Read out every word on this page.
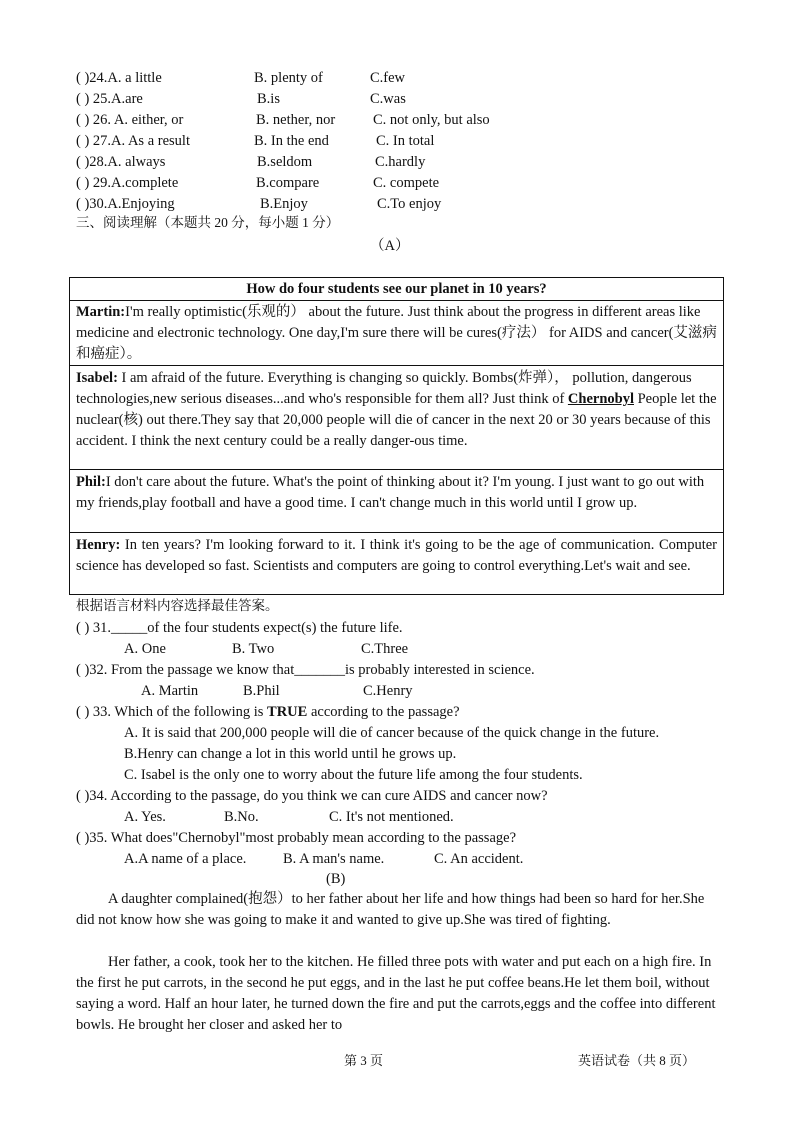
( )24.A. a little	B. plenty of	C.few
( ) 25.A.are	B.is	C.was
( ) 26. A. either, or	B. nether, nor	C. not only, but also
( ) 27.A. As a result	B. In the end	C. In total
( )28.A. always	B.seldom	C.hardly
( ) 29.A.complete	B.compare	C. compete
( )30.A.Enjoying	B.Enjoy	C.To enjoy
三、阅读理解（本题共 20 分，每小题 1 分）
（A）
How do four students see our planet in 10 years?
Martin:I'm really optimistic(乐观的） about the future. Just think about the progress in different areas like medicine and electronic technology. One day,I'm sure there will be cures(疗法） for AIDS and cancer(艾滋病和癌症）。
Isabel: I am afraid of the future. Everything is changing so quickly. Bombs(炸弹）， pollution, dangerous technologies,new serious diseases...and who's responsible for them all? Just think of Chernobyl People let the nuclear(核) out there.They say that 20,000 people will die of cancer in the next 20 or 30 years because of this accident. I think the next century could be a really danger-ous time.
Phil:I don't care about the future. What's the point of thinking about it? I'm young. I just want to go out with my friends,play football and have a good time. I can't change much in this world until I grow up.
Henry: In ten years? I'm looking forward to it. I think it's going to be the age of communication. Computer science has developed so fast. Scientists and computers are going to control everything.Let's wait and see.
根据语言材料内容选择最佳答案。
( ) 31._____of the four students expect(s) the future life.
A. One	B. Two	C.Three
( )32. From the passage we know that_______is probably interested in science.
A. Martin	B.Phil	C.Henry
( ) 33. Which of the following is TRUE according to the passage?
A. It is said that 200,000 people will die of cancer because of the quick change in the future.
B.Henry can change a lot in this world until he grows up.
C. Isabel is the only one to worry about the future life among the four students.
( )34. According to the passage, do you think we can cure AIDS and cancer now?
A. Yes.	B.No.	C. It's not mentioned.
( )35. What does"Chernobyl"most probably mean according to the passage?
A.A name of a place.	B. A man's name.	C. An accident.
(B)
A daughter complained(抱怨）to her father about her life and how things had been so hard for her.She did not know how she was going to make it and wanted to give up.She was tired of fighting.
Her father, a cook, took her to the kitchen. He filled three pots with water and put each on a high fire. In the first he put carrots, in the second he put eggs, and in the last he put coffee beans.He let them boil, without saying a word. Half an hour later, he turned down the fire and put the carrots,eggs and the coffee into different bowls. He brought her closer and asked her to
第 3 页	英语试卷（共 8 页）
